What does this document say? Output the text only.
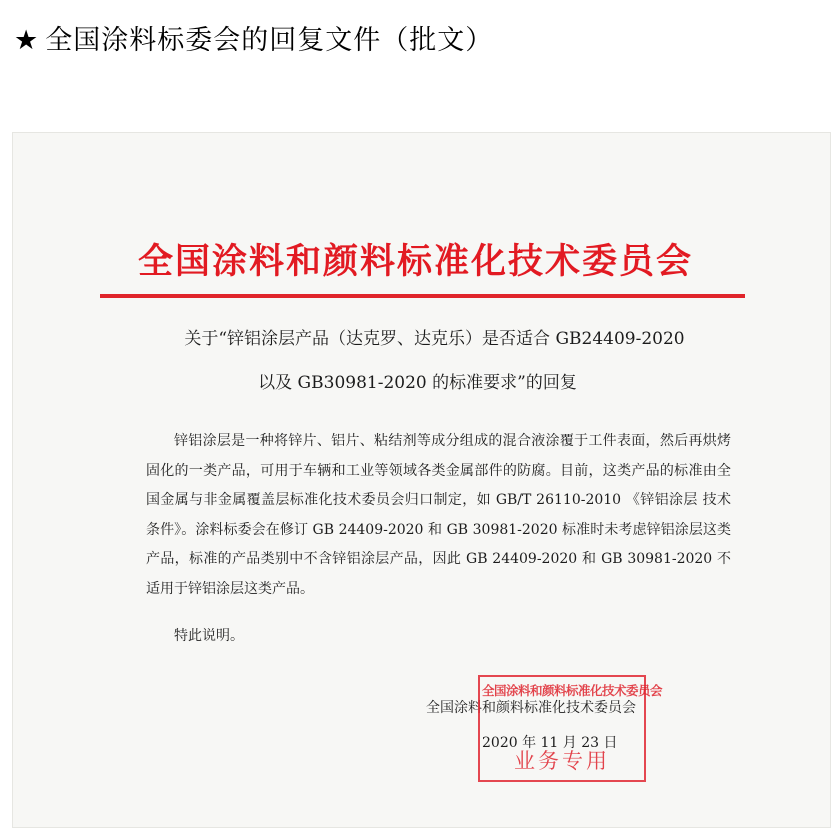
★ 全国涂料标委会的回复文件（批文）
全国涂料和颜料标准化技术委员会
关于“锌铝涂层产品（达克罗、达克乐）是否适合 GB24409-2020
以及 GB30981-2020 的标准要求”的回复

锌铝涂层是一种将锌片、铝片、粘结剂等成分组成的混合液涂覆于工件表面，然后再烘烤固化的一类产品，可用于车辆和工业等领域各类金属部件的防腐。目前，这类产品的标准由全国金属与非金属覆盖层标准化技术委员会归口制定，如 GB/T 26110-2010 《锌铝涂层 技术条件》。涂料标委会在修订 GB 24409-2020 和 GB 30981-2020 标准时未考虑锌铝涂层这类产品，标准的产品类别中不含锌铝涂层产品，因此 GB 24409-2020 和 GB 30981-2020 不适用于锌铝涂层这类产品。

特此说明。

全国涂料和颜料标准化技术委员会
2020 年 11 月 23 日
全国涂料和颜料标准化技术委员会
业务专用
